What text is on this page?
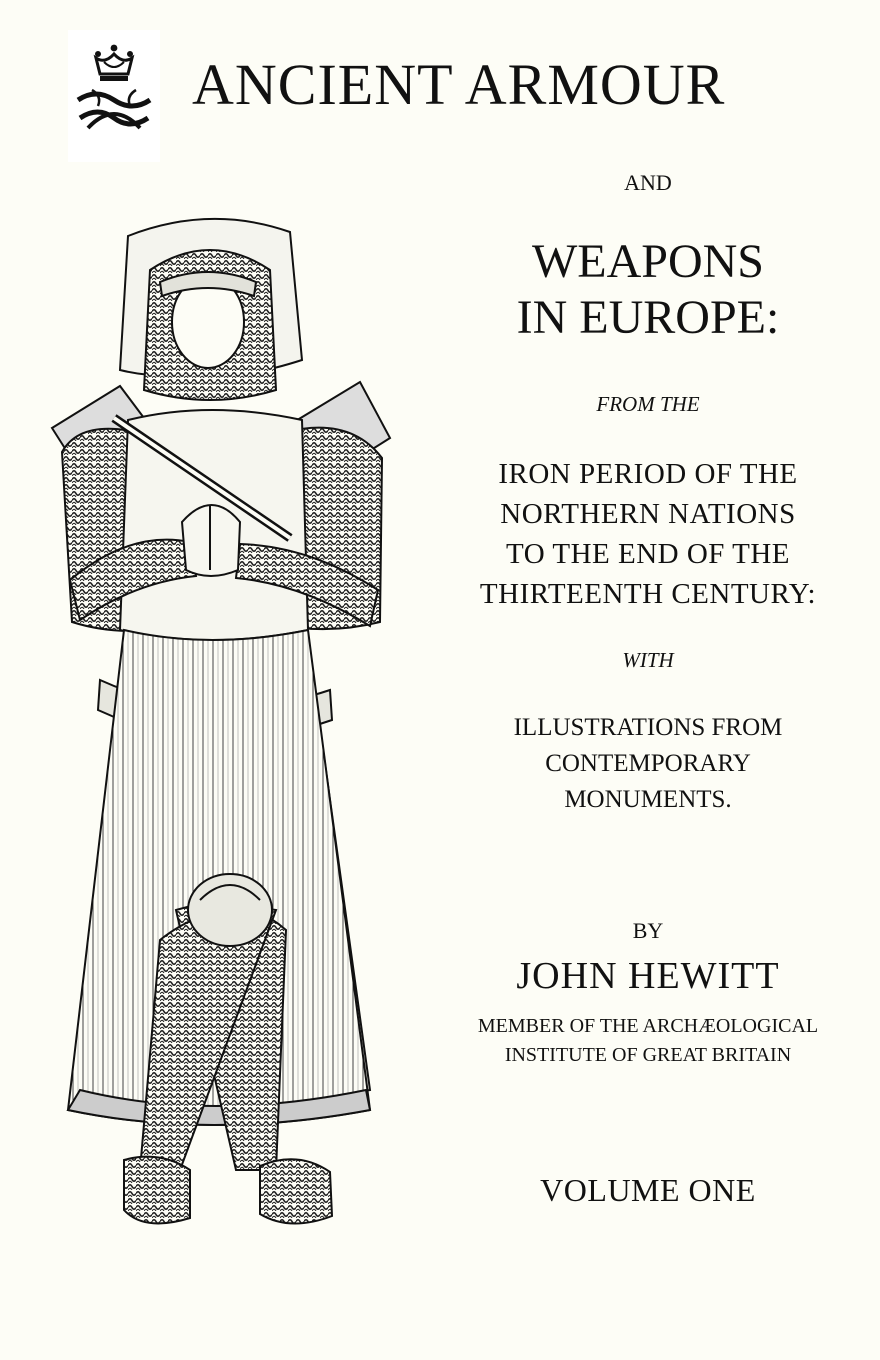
ANCIENT ARMOUR
AND
WEAPONS
IN EUROPE:
FROM THE
IRON PERIOD OF THE
NORTHERN NATIONS
TO THE END OF THE
THIRTEENTH CENTURY:
WITH
ILLUSTRATIONS FROM
CONTEMPORARY
MONUMENTS.
BY
JOHN HEWITT
MEMBER OF THE ARCHÆOLOGICAL
INSTITUTE OF GREAT BRITAIN
VOLUME ONE
